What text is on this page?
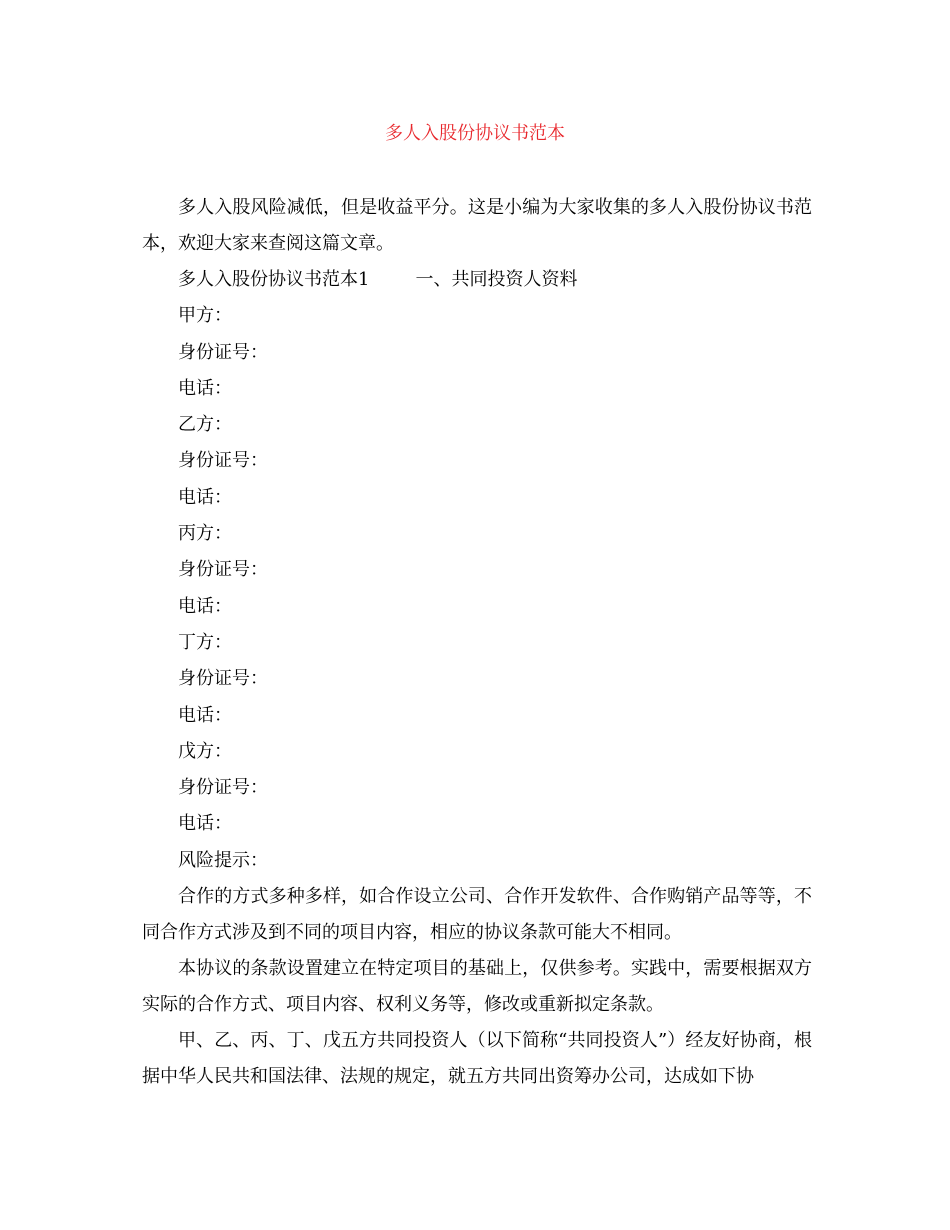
多人入股份协议书范本

多人入股风险减低，但是收益平分。这是小编为大家收集的多人入股份协议书范本，欢迎大家来查阅这篇文章。

多人入股份协议书范本1	一、共同投资人资料

甲方：

身份证号：

电话：

乙方：

身份证号：

电话：

丙方：

身份证号：

电话：

丁方：

身份证号：

电话：

戊方：

身份证号：

电话：

风险提示：

合作的方式多种多样，如合作设立公司、合作开发软件、合作购销产品等等，不同合作方式涉及到不同的项目内容，相应的协议条款可能大不相同。

本协议的条款设置建立在特定项目的基础上，仅供参考。实践中，需要根据双方实际的合作方式、项目内容、权利义务等，修改或重新拟定条款。

甲、乙、丙、丁、戊五方共同投资人（以下简称“共同投资人”）经友好协商，根据中华人民共和国法律、法规的规定，就五方共同出资筹办公司，达成如下协
